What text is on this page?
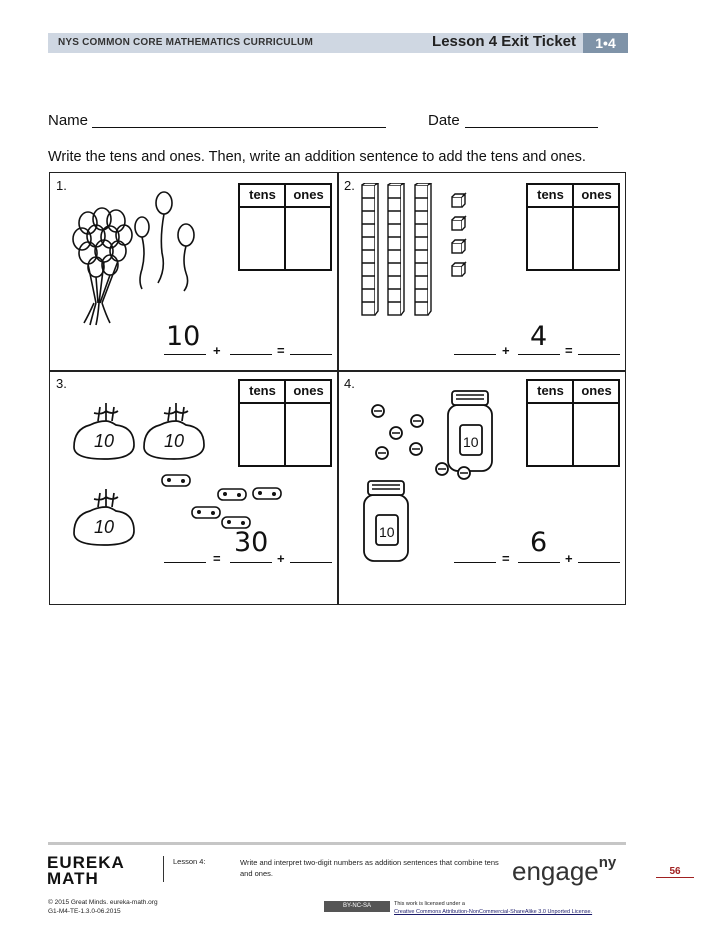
NYS COMMON CORE MATHEMATICS CURRICULUM	Lesson 4 Exit Ticket	1•4
Name	Date
Write the tens and ones. Then, write an addition sentence to add the tens and ones.
1.
tens	ones
10 +	=
2.
tens	ones
+ 4 =
3.
10	10
10
tens	ones
=
30
+
4.
10
10
tens	ones
=
6
+
EUREKA
MATH
© 2015 Great Minds. eureka-math.org
G1-M4-TE-1.3.0-06.2015
Lesson 4:	Write and interpret two-digit numbers as addition sentences that combine tens and ones.	engage$^{ny}$
56
BY-NC-SA	This work is licensed under a
Creative Commons Attribution-NonCommercial-ShareAlike 3.0 Unported License.
